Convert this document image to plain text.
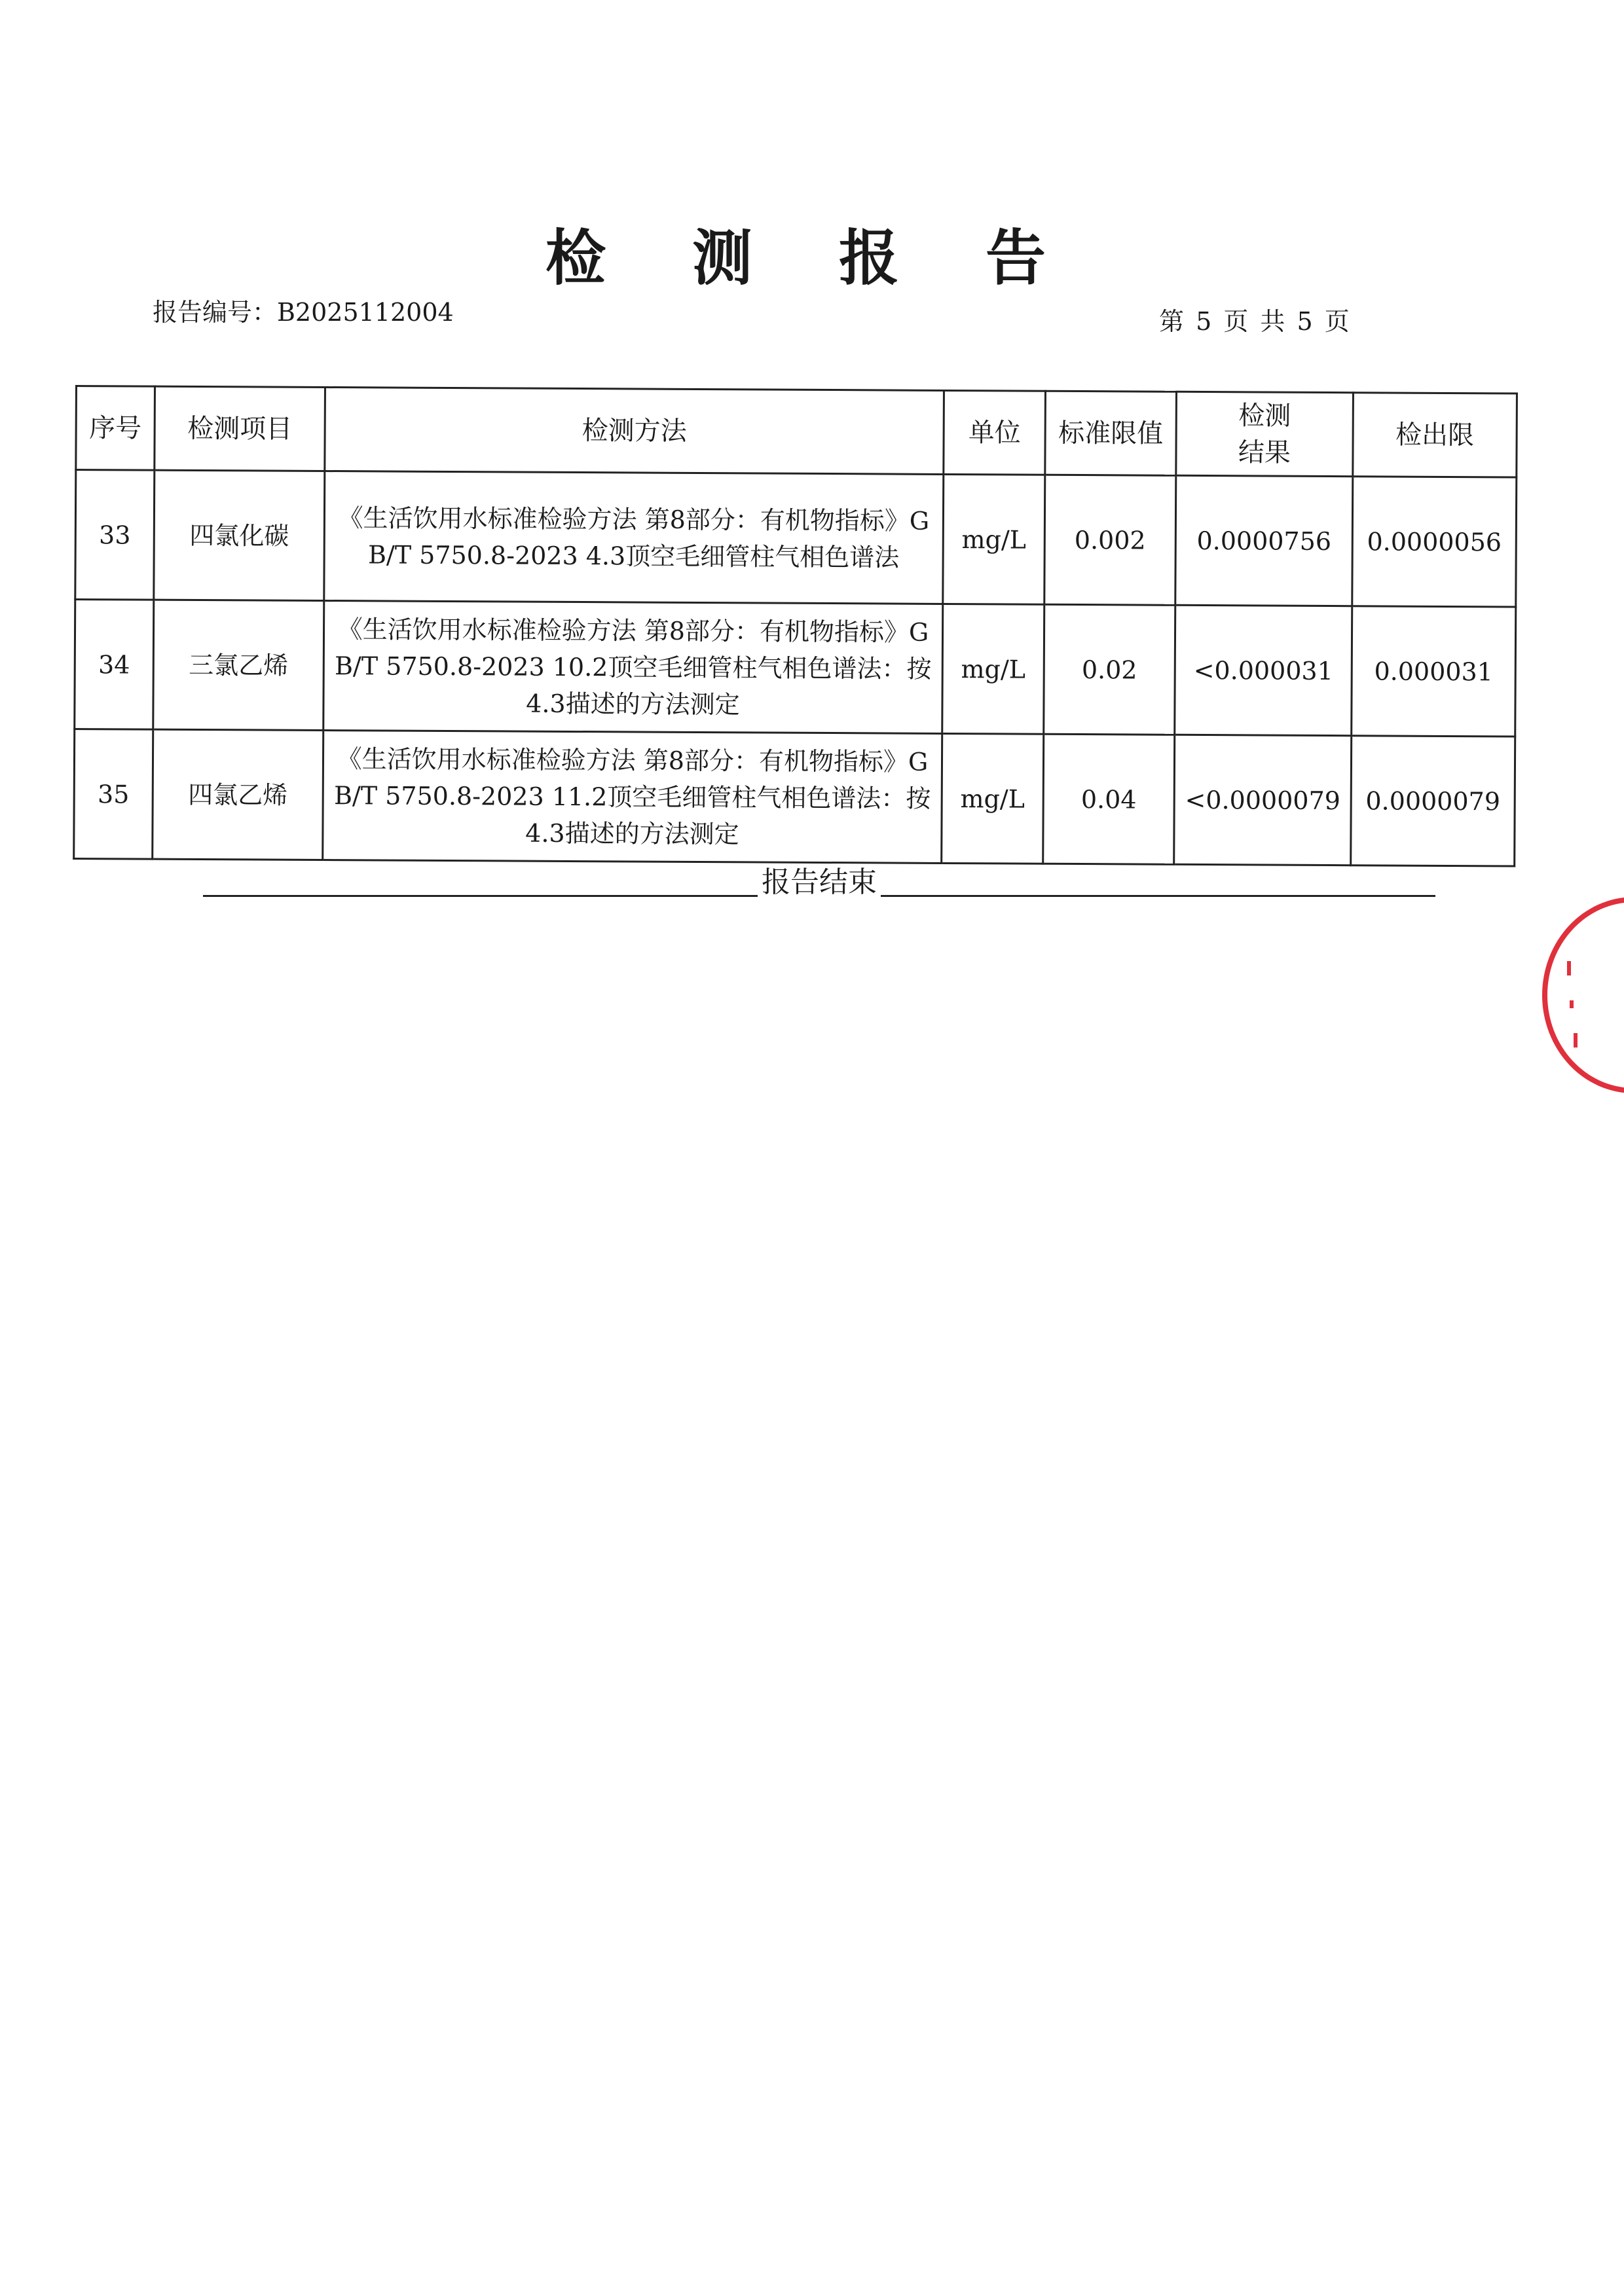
检 测 报 告
报告编号：B2025112004	第 5 页 共 5 页
序号	检测项目	检测方法	单位	标准限值	检测结果	检出限
33	四氯化碳	《生活饮用水标准检验方法 第8部分：有机物指标》GB/T 5750.8-2023 4.3顶空毛细管柱气相色谱法	mg/L	0.002	0.0000756	0.0000056
34	三氯乙烯	《生活饮用水标准检验方法 第8部分：有机物指标》GB/T 5750.8-2023 10.2顶空毛细管柱气相色谱法：按4.3描述的方法测定	mg/L	0.02	<0.000031	0.000031
35	四氯乙烯	《生活饮用水标准检验方法 第8部分：有机物指标》GB/T 5750.8-2023 11.2顶空毛细管柱气相色谱法：按4.3描述的方法测定	mg/L	0.04	<0.0000079	0.0000079
报告结束
